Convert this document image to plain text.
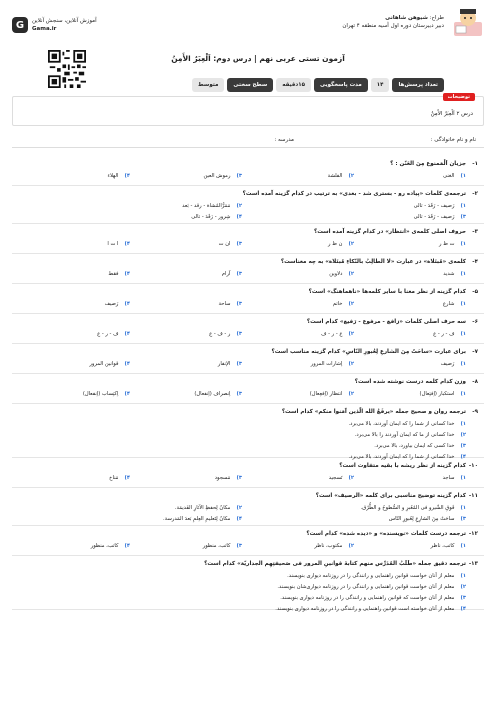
G	آموزش آنلاین، سنجش آنلاین
Gama.ir
طراح: شیوهن شاهانی
دبیر دبیرستان دوره اول آسیه منطقه ۴ تهران
آزمون تستی عربی نهم | درس دوم: اَلْعِبَرُ الأَمِنُ
تعداد پرسش‌ها
۱۴
مدت پاسخگویی
۱۵دقیقه
سطح سختی
متوسط
توضیحات
درس ۲ اَلْعِبَرُ الأَمِنُ
نام و نام خانوادگی :
مدرسه :
۱-
جزیان اَلْمَمنوع مِنَ العَنّن : ؟
۱)
الغنی
۲)
الفلشة
۳)
رموش العین
۴)
الهلاء
۲-
ترجمه‌ی کلمات «پیاده رو - بستری شد - بعدی» به ترتیب در کدام گزینه آمده است؟
۱)
رَصیف - رَقَدَ - تالی
۲)
مَمَرُّالمُشاة - رقد - بَعد
۳)
رَصیف - رَقَدَ - تالی
۴)
شِرور - رَقَدَ - تالی
۳-
حروف اصلی کلمه‌ی «انتظار» در کدام گزینه آمده است؟
۱)
ت ظ ر
۲)
ن ظ ر
۳)
ان ت
۴)
ا ت ا
۴-
کلمه‌ی «مُبتَلاة» در عبارت «لا الطالِبُ بالنّکاءِ مُبتَلاة» به چه معناست؟
۱)
شدید
۲)
دلاوین
۳)
آرام
۴)
فقط
۵-
کدام گزینه از نظر معنا با سایر کلمه‌ها «ناهماهنگ» است؟
۱)
شارع
۲)
خاتم
۳)
ساحة
۴)
رَصیف
۶-
سه حرف اصلی کلمات «زافع - مرفوع - رَفیع» کدام است؟
۱)
ف - ر - ع
۲)
ع - ر - ف
۳)
ر - ف - ع
۴)
ف - ر - ع
۷-
برای عبارت «ساحَتٌ مِنَ الشارعِ لِعُبورِ النّاسِ» کدام گزینه مناسب است؟
۱)
رَصیف
۲)
إشارات المرور
۳)
الإنفار
۴)
قوانین المرور
۸-
وزن کدام کلمه درست نوشته شده است؟
۱)
استکبار (اِفتِعال)
۲)
انتظار (اِفعِعال)
۳)
اِنصراف (اِنفعال)
۴)
اِکتِساب (اِنفعال)
۹-
ترجمه روان و صحیح جمله «یرفَعُ الله الّذین آمَنوا منکم» کدام است؟
۱)
خدا کسانی از شما را که ایمان آوردند، بالا می‌برد.
۲)
خدا کسانی از ما که ایمان آوردند را بالا می‌برد.
۳)
خدا کسی که ایمان بیاورد، بالا می‌برد.
۴)
خدا کسانی از شما را که ایمان آوردند، بالا می‌برد.
۱۰-
کدام گزینه از نظر ریشه با بقیه متفاوت است؟
۱)
ساجد
۲)
تَسجید
۳)
مَسجود
۴)
مَناخ
۱۱-
کدام گزینه توضیح مناسبی برای کلمه «الرصیف» است؟
۱)
فَوقِ الشّیرو فی المُعُبرِ و السُّطوحُ و الطُّرُق.
۲)
مکانٌ لِحفظِ الآثارِ القَدیمَة.
۳)
ساحَتٌ مِنَ الشارِعِ لِعُبورِ النّاس
۴)
مکانٌ لِتَعلیمِ العِلمِ بَعدَ المَدرسة.
۱۲-
ترجمه درست کلمات «نویسنده» و «دیده شده» کدام است؟
۱)
کاتب، ناظر
۲)
مکتوب، ناظر
۳)
کاتب، منظور
۴)
کاتب، منظور
۱۳-
ترجمه دقیق جمله «طَلَبُ المُدَرِّس منهم کتابةَ قوانینِ المرور فی صَحیفتِهِم الجداریّة» کدام است؟
۱)
معلم از آنان خواست قوانین راهنمایی و رانندگی را در روزنامه دیواری بنویسند.
۲)
معلم از آنان خواست قوانین راهنمایی و رانندگی را در روزنامه دیواری‌شان بنویسند.
۳)
معلم از آنان خواست که قوانین راهنمایی و رانندگی را در روزنامه دیواری بنویسند.
۴)
معلم از آنان خواسته است قوانین راهنمایی و رانندگی را در روزنامه دیواری بنویسند.
